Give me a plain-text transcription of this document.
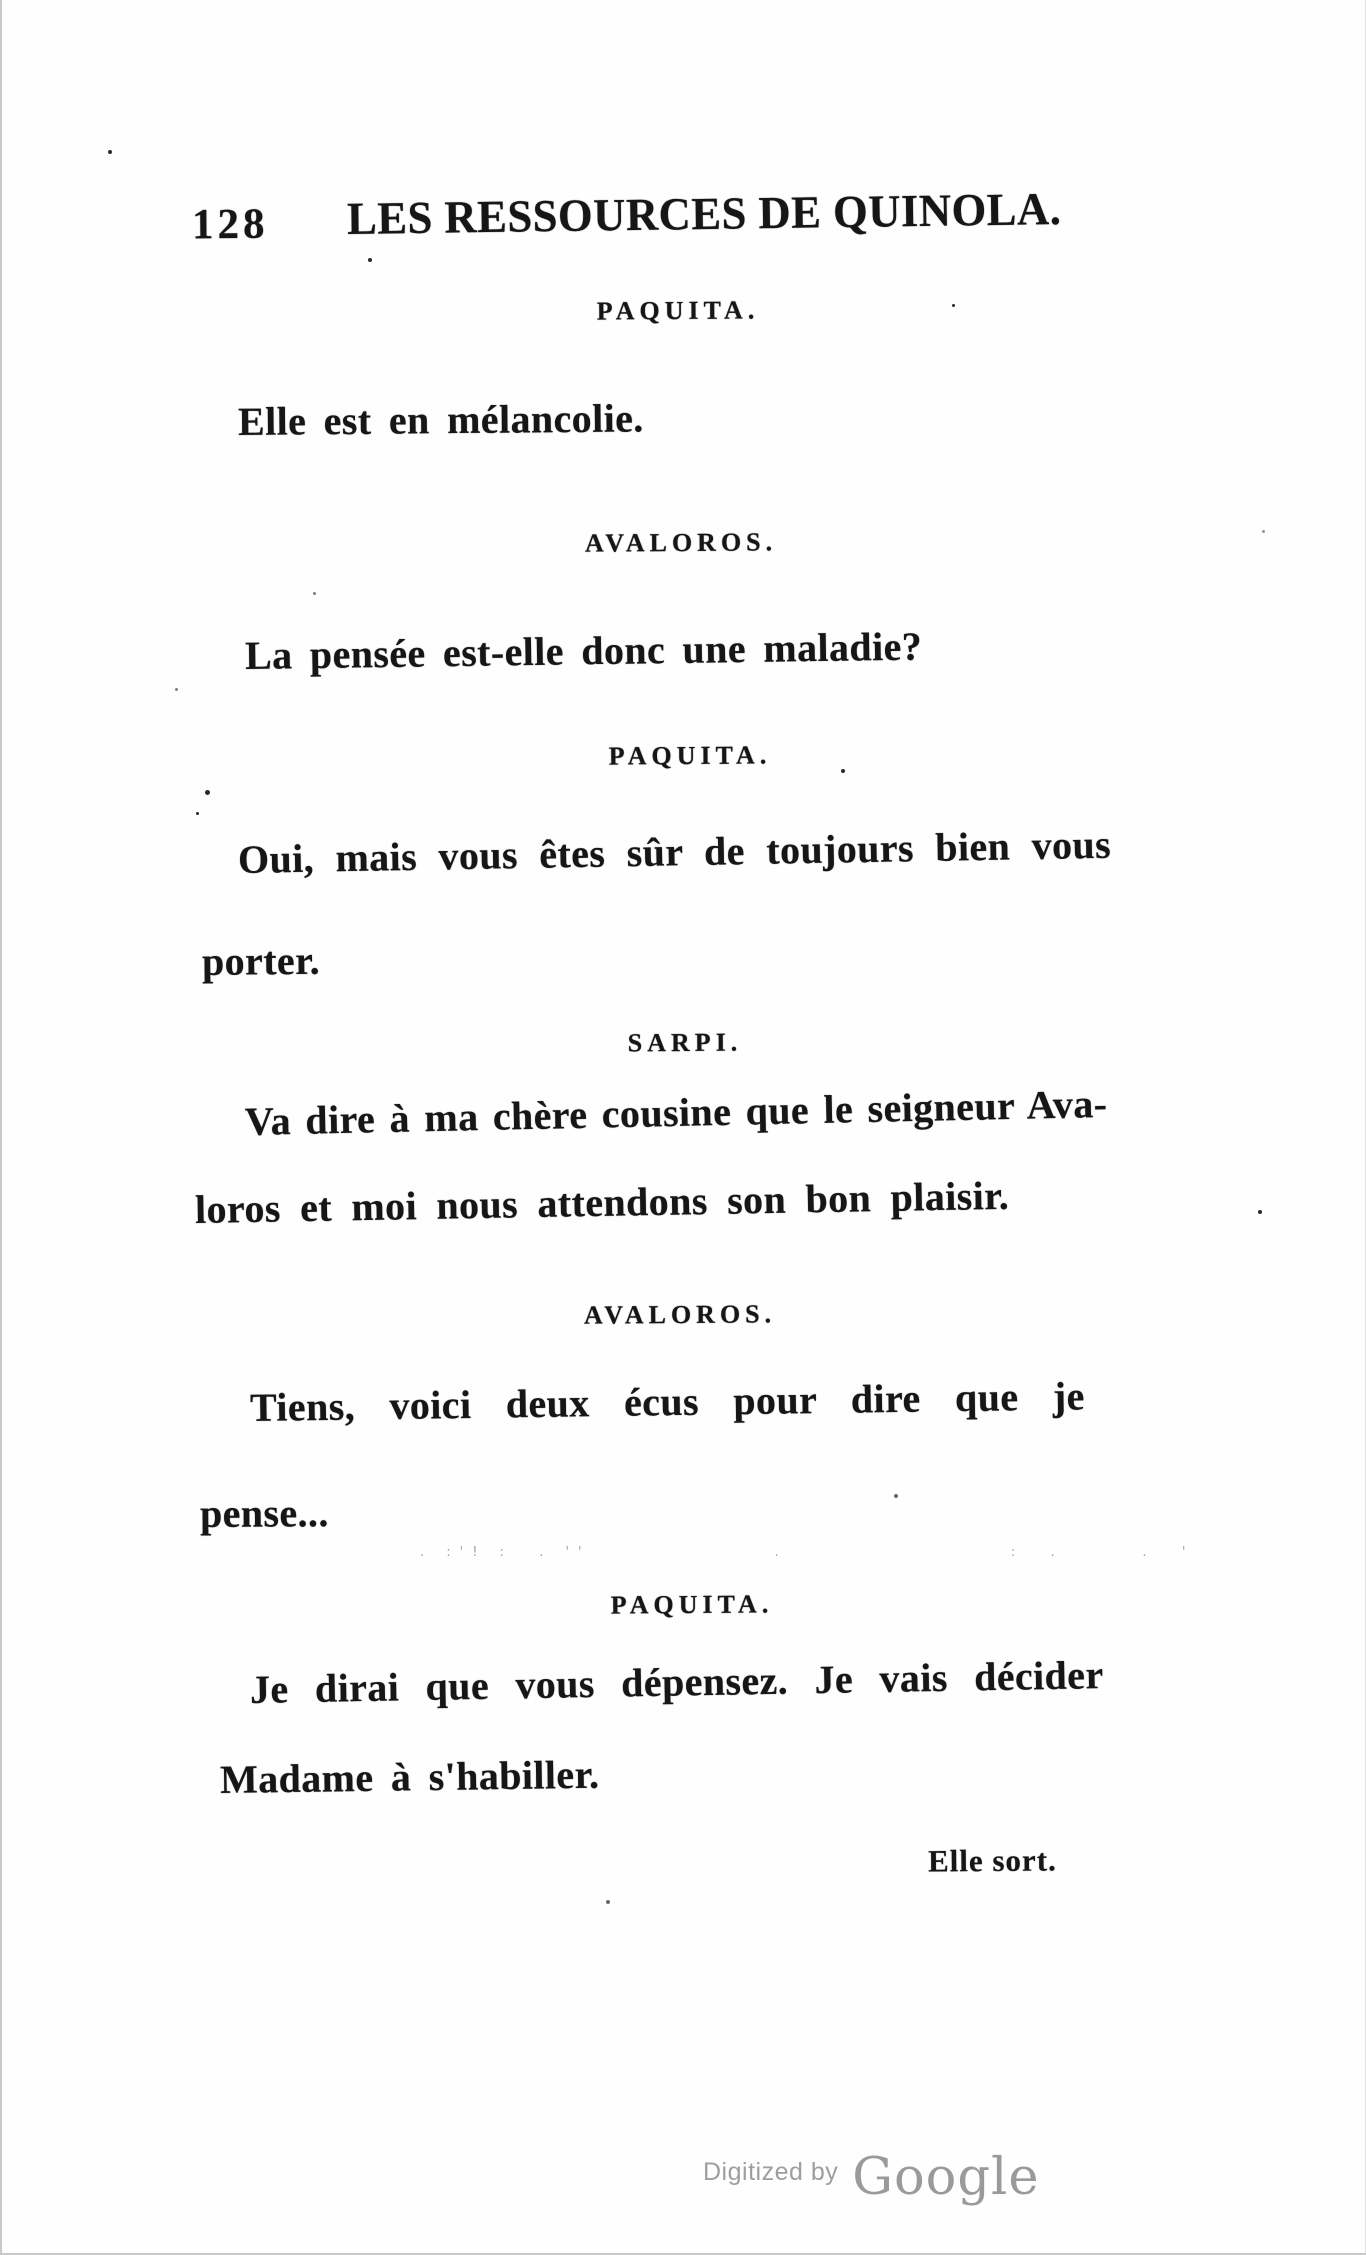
128 LES RESSOURCES DE QUINOLA.
PAQUITA.
Elle est en mélancolie.
AVALOROS.
La pensée est-elle donc une maladie?
PAQUITA.
Oui, mais vous êtes sûr de toujours bien vous
porter.
SARPI.
Va dire à ma chère cousine que le seigneur Ava-
loros et moi nous attendons son bon plaisir.
AVALOROS.
Tiens, voici deux écus pour dire que je
pense...
PAQUITA.
Je dirai que vous dépensez. Je vais décider
Madame à s'habiller.
Elle sort.
. :'! :  . ''              .                 :  .      .  '
Digitized by Google
